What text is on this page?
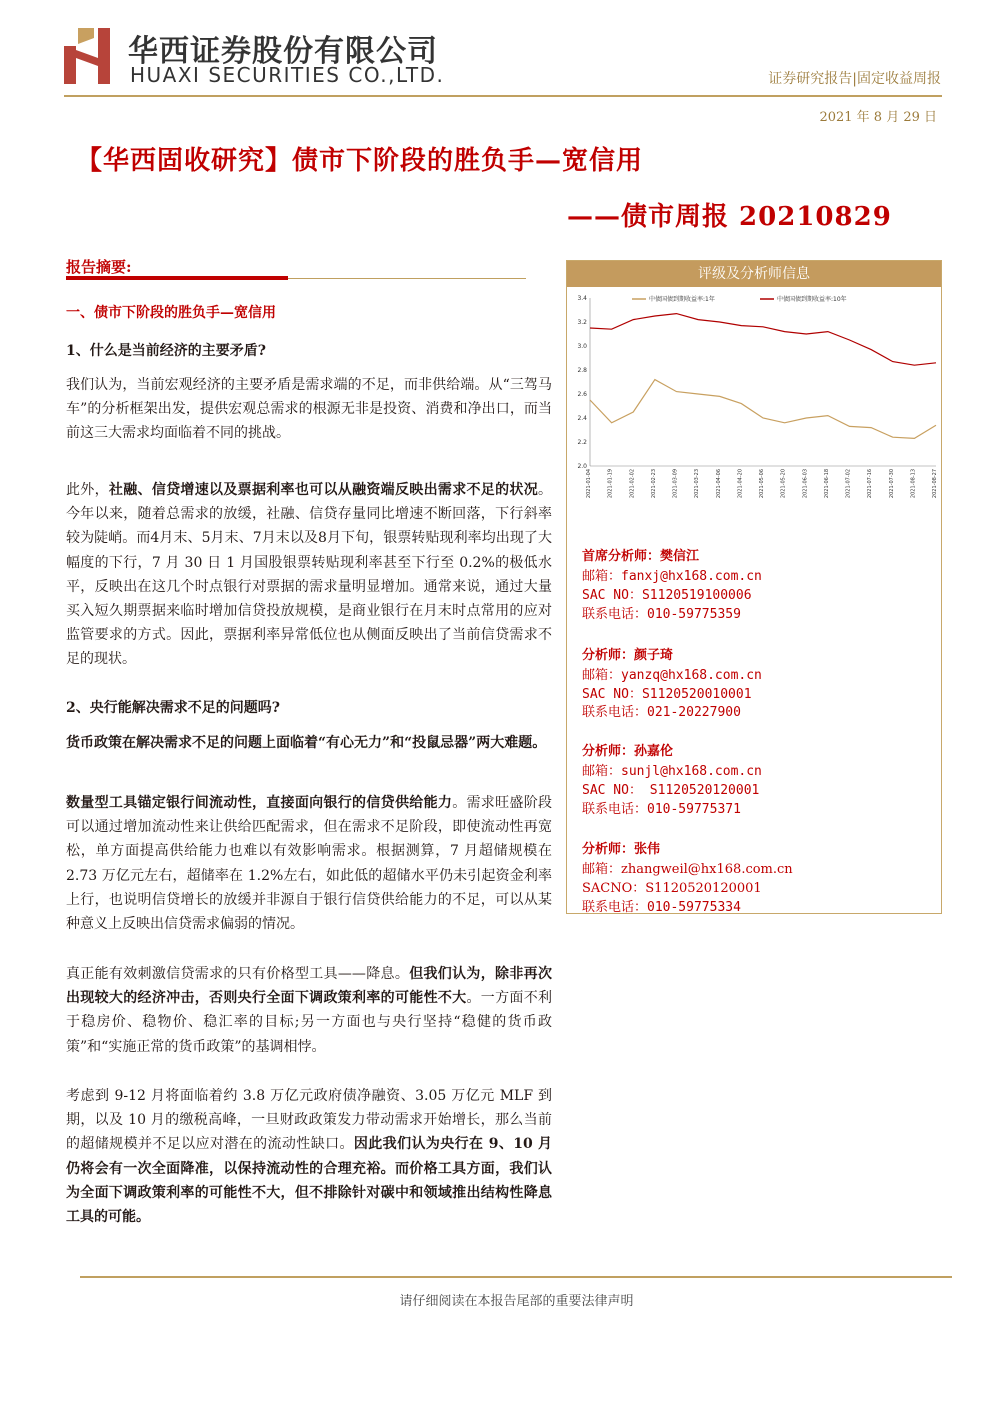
华西证券股份有限公司
HUAXI SECURITIES CO.,LTD.	证券研究报告|固定收益周报
2021 年 8 月 29 日
【华西固收研究】债市下阶段的胜负手—宽信用
——债市周报 20210829
报告摘要:
一、债市下阶段的胜负手—宽信用
1、什么是当前经济的主要矛盾?
我们认为，当前宏观经济的主要矛盾是需求端的不足，而非供给端。从“三驾马车”的分析框架出发，提供宏观总需求的根源无非是投资、消费和净出口，而当前这三大需求均面临着不同的挑战。
此外，社融、信贷增速以及票据利率也可以从融资端反映出需求不足的状况。今年以来，随着总需求的放缓，社融、信贷存量同比增速不断回落，下行斜率较为陡峭。而4月末、5月末、7月末以及8月下旬，银票转贴现利率均出现了大幅度的下行，7 月 30 日 1 月国股银票转贴现利率甚至下行至 0.2%的极低水平，反映出在这几个时点银行对票据的需求量明显增加。通常来说，通过大量买入短久期票据来临时增加信贷投放规模，是商业银行在月末时点常用的应对监管要求的方式。因此，票据利率异常低位也从侧面反映出了当前信贷需求不足的现状。
2、央行能解决需求不足的问题吗?
货币政策在解决需求不足的问题上面临着“有心无力”和“投鼠忌器”两大难题。
数量型工具锚定银行间流动性，直接面向银行的信贷供给能力。需求旺盛阶段可以通过增加流动性来让供给匹配需求，但在需求不足阶段，即使流动性再宽松，单方面提高供给能力也难以有效影响需求。根据测算，7 月超储规模在 2.73 万亿元左右，超储率在 1.2%左右，如此低的超储水平仍未引起资金利率上行，也说明信贷增长的放缓并非源自于银行信贷供给能力的不足，可以从某种意义上反映出信贷需求偏弱的情况。
真正能有效刺激信贷需求的只有价格型工具——降息。但我们认为，除非再次出现较大的经济冲击，否则央行全面下调政策利率的可能性不大。一方面不利于稳房价、稳物价、稳汇率的目标;另一方面也与央行坚持“稳健的货币政策”和“实施正常的货币政策”的基调相悖。
考虑到 9-12 月将面临着约 3.8 万亿元政府债净融资、3.05 万亿元 MLF 到期，以及 10 月的缴税高峰，一旦财政政策发力带动需求开始增长，那么当前的超储规模并不足以应对潜在的流动性缺口。因此我们认为央行在 9、10 月仍将会有一次全面降准，以保持流动性的合理充裕。而价格工具方面，我们认为全面下调政策利率的可能性不大，但不排除针对碳中和领域推出结构性降息工具的可能。
评级及分析师信息
3.4
3.2
3.0
2.8
2.6
2.4
2.2
2.0
2021-01-04	2021-01-19	2021-02-02	2021-02-23	2021-03-09	2021-03-23	2021-04-06	2021-04-20	2021-05-06	2021-05-20	2021-06-03	2021-06-18	2021-07-02	2021-07-16	2021-07-30	2021-08-13	2021-08-27
中债国债到期收益率:1年	中债国债到期收益率:10年
首席分析师：樊信江
邮箱：fanxj@hx168.com.cn
SAC NO：S1120519100006
联系电话：010-59775359
分析师：颜子琦
邮箱：yanzq@hx168.com.cn
SAC NO：S1120520010001
联系电话：021-20227900
分析师：孙嘉伦
邮箱：sunjl@hx168.com.cn
SAC NO： S1120520120001
联系电话：010-59775371
分析师：张伟
邮箱：zhangweil@hx168.com.cn
SACNO：S1120520120001
联系电话：010-59775334
请仔细阅读在本报告尾部的重要法律声明
